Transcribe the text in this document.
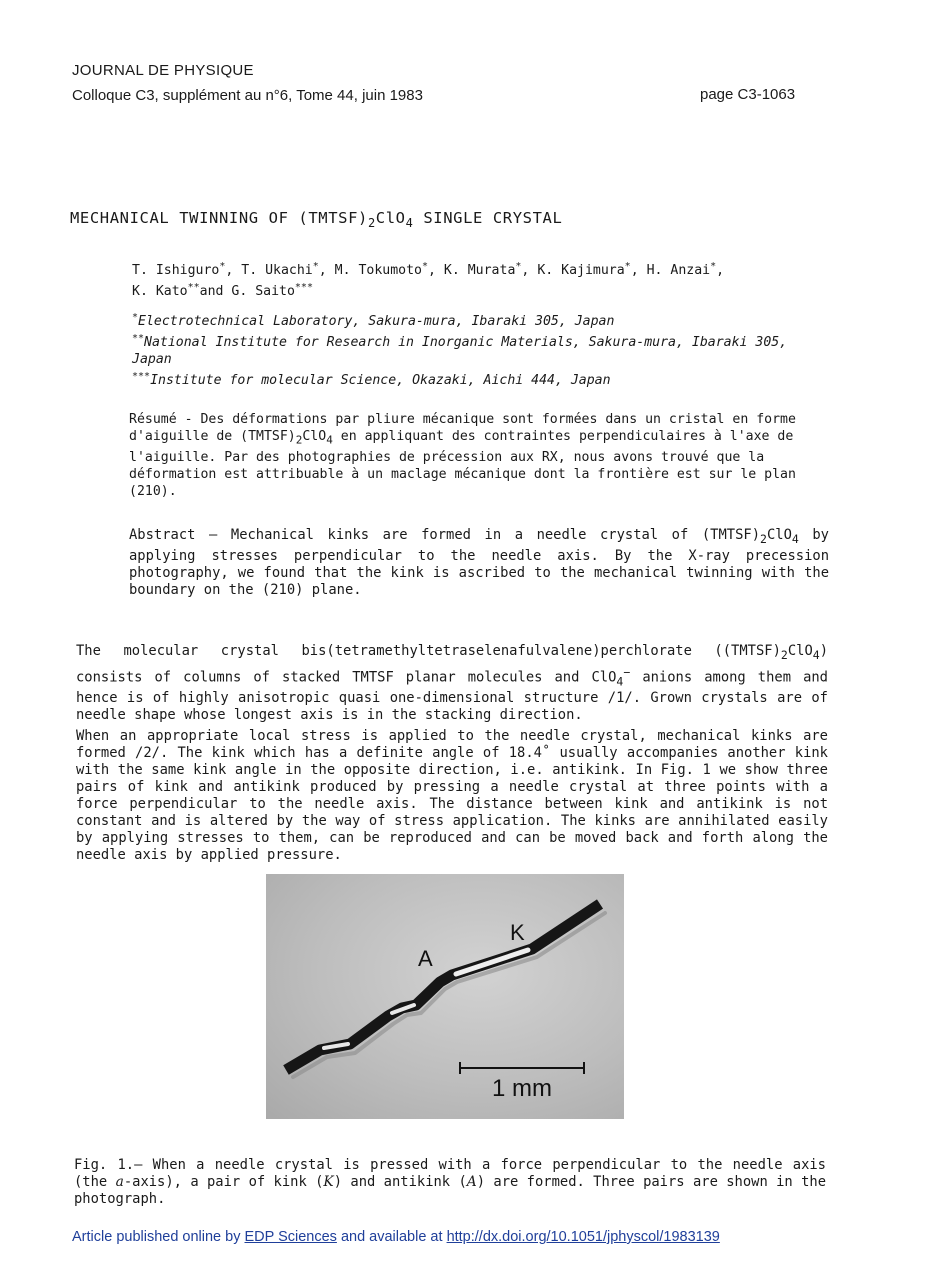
JOURNAL DE PHYSIQUE
Colloque C3, supplément au n°6, Tome 44, juin 1983	page C3-1063
MECHANICAL TWINNING OF $(TMTSF)_2ClO_4$ SINGLE CRYSTAL
T. Ishiguro*, T. Ukachi*, M. Tokumoto*, K. Murata*, K. Kajimura*, H. Anzai*,
K. Kato**and G. Saito***
*Electrotechnical Laboratory, Sakura-mura, Ibaraki 305, Japan
**National Institute for Research in Inorganic Materials, Sakura-mura, Ibaraki 305, Japan
***Institute for molecular Science, Okazaki, Aichi 444, Japan
Résumé - Des déformations par pliure mécanique sont formées dans un cristal en forme d'aiguille de $(TMTSF)_2ClO_4$ en appliquant des contraintes perpendiculaires à l'axe de l'aiguille. Par des photographies de précession aux RX, nous avons trouvé que la déformation est attribuable à un maclage mécanique dont la frontière est sur le plan (210).
Abstract – Mechanical kinks are formed in a needle crystal of $(TMTSF)_2ClO_4$ by applying stresses perpendicular to the needle axis. By the X-ray precession photography, we found that the kink is ascribed to the mechanical twinning with the boundary on the (210) plane.
The molecular crystal bis(tetramethyltetraselenafulvalene)perchlorate $((TMTSF)_2ClO_4)$ consists of columns of stacked TMTSF planar molecules and ClO$_4$− anions among them and hence is of highly anisotropic quasi one-dimensional structure /1/. Grown crystals are of needle shape whose longest axis is in the stacking direction.
When an appropriate local stress is applied to the needle crystal, mechanical kinks are formed /2/. The kink which has a definite angle of 18.4˚ usually accompanies another kink with the same kink angle in the opposite direction, i.e. antikink. In Fig. 1 we show three pairs of kink and antikink produced by pressing a needle crystal at three points with a force perpendicular to the needle axis. The distance between kink and antikink is not constant and is altered by the way of stress application. The kinks are annihilated easily by applying stresses to them, can be reproduced and can be moved back and forth along the needle axis by applied pressure.
1 mm
A
K
Fig. 1.– When a needle crystal is pressed with a force perpendicular to the needle axis (the a-axis), a pair of kink (K) and antikink (A) are formed. Three pairs are shown in the photograph.
Article published online by EDP Sciences and available at http://dx.doi.org/10.1051/jphyscol/1983139
